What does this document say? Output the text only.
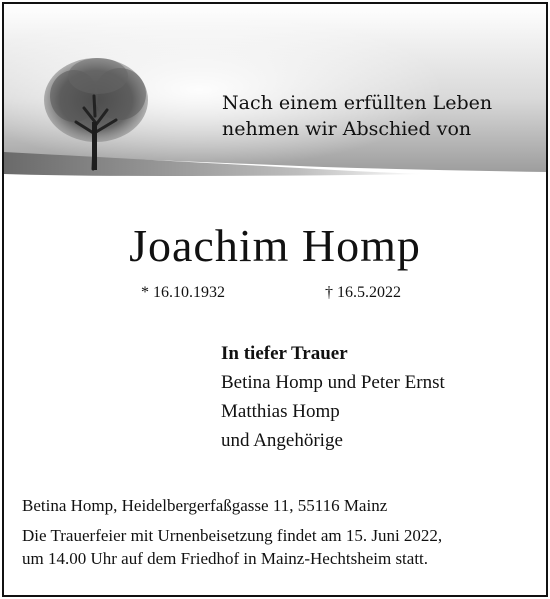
Nach einem erfüllten Leben
nehmen wir Abschied von
Joachim Homp
* 16.10.1932	† 16.5.2022
In tiefer Trauer
Betina Homp und Peter Ernst
Matthias Homp
und Angehörige
Betina Homp, Heidelbergerfaßgasse 11, 55116 Mainz
Die Trauerfeier mit Urnenbeisetzung findet am 15. Juni 2022,
um 14.00 Uhr auf dem Friedhof in Mainz-Hechtsheim statt.
